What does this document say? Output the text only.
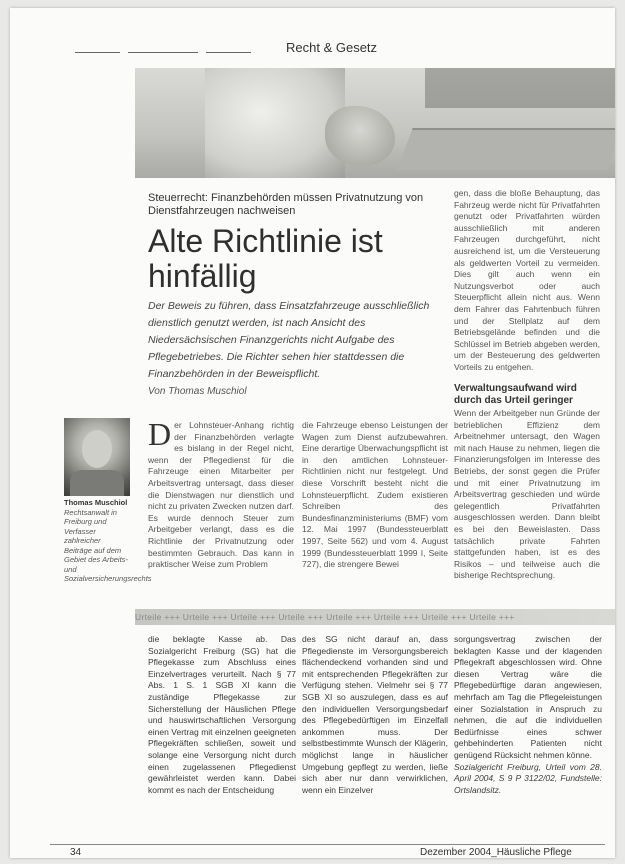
Recht & Gesetz
Steuerrecht: Finanzbehörden müssen Privatnutzung von Dienstfahrzeugen nachweisen
Alte Richtlinie ist hinfällig
Der Beweis zu führen, dass Einsatzfahrzeuge ausschließlich dienstlich genutzt werden, ist nach Ansicht des Niedersächsischen Finanzgerichts nicht Aufgabe des Pflegebetriebes. Die Richter sehen hier stattdessen die Finanzbehörden in der Beweispflicht.
Von Thomas Muschiol
Thomas Muschiol
Rechtsanwalt in Freiburg und Verfasser zahlreicher Beiträge auf dem Gebiet des Arbeits- und Sozialversicherungsrechts
D er Lohnsteuer-Anhang richtig der Finanzbehörden verlagte es bislang in der Regel nicht, wenn der Pflegedienst für die Fahrzeuge einen Mitarbeiter per Arbeitsvertrag untersagt, dass dieser die Dienstwagen nur dienstlich und nicht zu privaten Zwecken nutzen darf. Es wurde dennoch Steuer zum Arbeitgeber verlangt, dass es die Richtlinie der Privatnutzung oder bestimmten Gebrauch. Das kann in praktischer Weise zum Problem
die Fahrzeuge ebenso Leistungen der Wagen zum Dienst aufzubewahren. Eine derartige Überwachungspflicht ist in den amtlichen Lohnsteuer-Richtlinien nicht nur festgelegt. Und diese Vorschrift besteht nicht die Lohnsteuerpflicht. Zudem existieren Schreiben des Bundesfinanzministeriums (BMF) vom 12. Mai 1997 (Bundessteuerblatt 1997, Seite 562) und vom 4. August 1999 (Bundessteuerblatt 1999 I, Seite 727), die strengere Bewei
gen, dass die bloße Behauptung, das Fahrzeug werde nicht für Privatfahrten genutzt oder Privatfahrten würden ausschließlich mit anderen Fahrzeugen durchgeführt, nicht ausreichend ist, um die Versteuerung als geldwerten Vorteil zu vermeiden. Dies gilt auch wenn ein Nutzungsverbot oder auch Steuerpflicht allein nicht aus. Wenn dem Fahrer das Fahrtenbuch führen und der Stellplatz auf dem Betriebsgelände befinden und die Schlüssel im Betrieb abgeben werden, um der Besteuerung des geldwerten Vorteils zu entgehen.
Verwaltungsaufwand wird durch das Urteil geringer
Wenn der Arbeitgeber nun Gründe der betrieblichen Effizienz dem Arbeitnehmer untersagt, den Wagen mit nach Hause zu nehmen, liegen die Finanzierungsfolgen im Interesse des Betriebs, der sonst gegen die Prüfer und mit einer Privatnutzung im Arbeitsvertrag geschieden und würde gelegentlich Privatfahrten ausgeschlossen werden. Dann bleibt es bei den Beweislasten. Dass tatsächlich private Fahrten stattgefunden haben, ist es des Risikos – und teilweise auch die bisherige Rechtsprechung.
Urteile +++ Urteile +++ Urteile +++ Urteile +++ Urteile +++ Urteile +++ Urteile +++ Urteile +++
die beklagte Kasse ab. Das Sozialgericht Freiburg (SG) hat die Pflegekasse zum Abschluss eines Einzelvertrages verurteilt. Nach § 77 Abs. 1 S. 1 SGB XI kann die zuständige Pflegekasse zur Sicherstellung der Häuslichen Pflege und hauswirtschaftlichen Versorgung einen Vertrag mit einzelnen geeigneten Pflegekräften schließen, soweit und solange eine Versorgung nicht durch einen zugelassenen Pflegedienst gewährleistet werden kann. Dabei kommt es nach der Entscheidung
des SG nicht darauf an, dass Pflegedienste im Versorgungsbereich flächendeckend vorhanden sind und mit entsprechenden Pflegekräften zur Verfügung stehen. Vielmehr sei § 77 SGB XI so auszulegen, dass es auf den individuellen Versorgungsbedarf des Pflegebedürftigen im Einzelfall ankommen muss. Der selbstbestimmte Wunsch der Klägerin, möglichst lange in häuslicher Umgebung gepflegt zu werden, ließe sich aber nur dann verwirklichen, wenn ein Einzelver
sorgungsvertrag zwischen der beklagten Kasse und der klagenden Pflegekraft abgeschlossen wird. Ohne diesen Vertrag wäre die Pflegebedürftige daran angewiesen, mehrfach am Tag die Pflegeleistungen einer Sozialstation in Anspruch zu nehmen, die auf die individuellen Bedürfnisse eines schwer gehbehinderten Patienten nicht genügend Rücksicht nehmen könne.
Sozialgericht Freiburg, Urteil vom 28. April 2004, S 9 P 3122/02, Fundstelle: Ortslandsitz.
34	Dezember 2004_Häusliche Pflege
